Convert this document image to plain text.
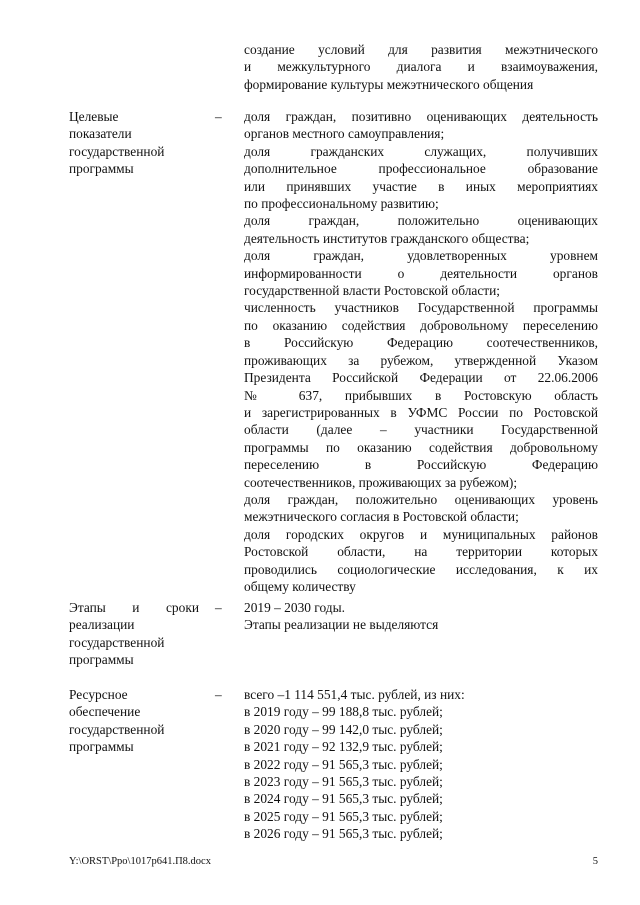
создание условий для развития межэтнического
и межкультурного диалога и взаимоуважения,
формирование культуры межэтнического общения
Целевые
показатели
государственной
программы
–	доля граждан, позитивно оценивающих деятельность
органов местного самоуправления;
доля гражданских служащих, получивших
дополнительное профессиональное образование
или принявших участие в иных мероприятиях
по профессиональному развитию;
доля граждан, положительно оценивающих
деятельность институтов гражданского общества;
доля граждан, удовлетворенных уровнем
информированности о деятельности органов
государственной власти Ростовской области;
численность участников Государственной программы
по оказанию содействия добровольному переселению
в Российскую Федерацию соотечественников,
проживающих за рубежом, утвержденной Указом
Президента Российской Федерации от 22.06.2006
№ 637, прибывших в Ростовскую область
и зарегистрированных в УФМС России по Ростовской
области (далее – участники Государственной
программы по оказанию содействия добровольному
переселению в Российскую Федерацию
соотечественников, проживающих за рубежом);
доля граждан, положительно оценивающих уровень
межэтнического согласия в Ростовской области;
доля городских округов и муниципальных районов
Ростовской области, на территории которых
проводились социологические исследования, к их
общему количеству
Этапы и сроки
реализации
государственной
программы
–	2019 – 2030 годы.
Этапы реализации не выделяются
Ресурсное
обеспечение
государственной
программы
–	всего –1 114 551,4 тыс. рублей, из них:
в 2019 году – 99 188,8 тыс. рублей;
в 2020 году – 99 142,0 тыс. рублей;
в 2021 году – 92 132,9 тыс. рублей;
в 2022 году – 91 565,3 тыс. рублей;
в 2023 году – 91 565,3 тыс. рублей;
в 2024 году – 91 565,3 тыс. рублей;
в 2025 году – 91 565,3 тыс. рублей;
в 2026 году – 91 565,3 тыс. рублей;
Y:\ORST\Ppo\1017p641.П8.docx	5
